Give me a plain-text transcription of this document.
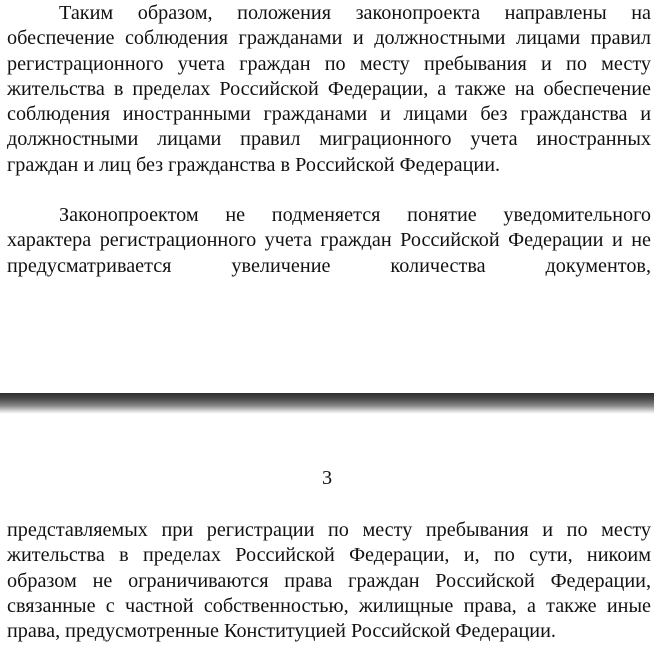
Таким образом, положения законопроекта направлены на обеспечение соблюдения гражданами и должностными лицами правил регистрационного учета граждан по месту пребывания и по месту жительства в пределах Российской Федерации, а также на обеспечение соблюдения иностранными гражданами и лицами без гражданства и должностными лицами правил миграционного учета иностранных граждан и лиц без гражданства в Российской Федерации.

Законопроектом не подменяется понятие уведомительного характера регистрационного учета граждан Российской Федерации и не предусматривается увеличение количества документов,

3

представляемых при регистрации по месту пребывания и по месту жительства в пределах Российской Федерации, и, по сути, никоим образом не ограничиваются права граждан Российской Федерации, связанные с частной собственностью, жилищные права, а также иные права, предусмотренные Конституцией Российской Федерации.
